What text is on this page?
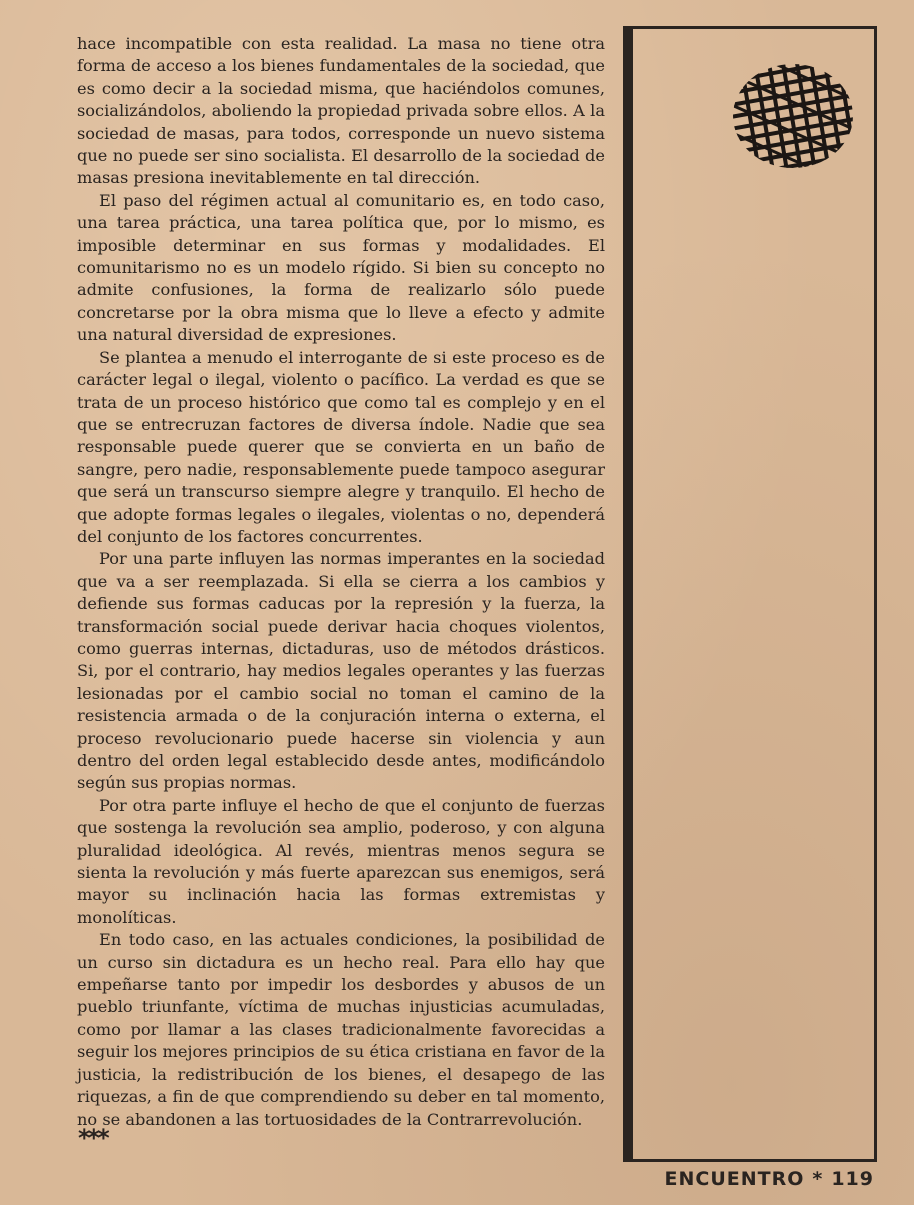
hace incompatible con esta realidad. La masa no tiene otra forma de acceso a los bienes fundamentales de la sociedad, que es como decir a la sociedad misma, que haciéndolos comunes, socializándolos, aboliendo la propiedad privada sobre ellos. A la sociedad de masas, para todos, corresponde un nuevo sistema que no puede ser sino socialista. El desarrollo de la sociedad de masas presiona inevitablemente en tal dirección.

El paso del régimen actual al comunitario es, en todo caso, una tarea práctica, una tarea política que, por lo mismo, es imposible determinar en sus formas y modalidades. El comunitarismo no es un modelo rígido. Si bien su concepto no admite confusiones, la forma de realizarlo sólo puede concretarse por la obra misma que lo lleve a efecto y admite una natural diversidad de expresiones.

Se plantea a menudo el interrogante de si este proceso es de carácter legal o ilegal, violento o pacífico. La verdad es que se trata de un proceso histórico que como tal es complejo y en el que se entrecruzan factores de diversa índole. Nadie que sea responsable puede querer que se convierta en un baño de sangre, pero nadie, responsablemente puede tampoco asegurar que será un transcurso siempre alegre y tranquilo. El hecho de que adopte formas legales o ilegales, violentas o no, dependerá del conjunto de los factores concurrentes.

Por una parte influyen las normas imperantes en la sociedad que va a ser reemplazada. Si ella se cierra a los cambios y defiende sus formas caducas por la represión y la fuerza, la transformación social puede derivar hacia choques violentos, como guerras internas, dictaduras, uso de métodos drásticos. Si, por el contrario, hay medios legales operantes y las fuerzas lesionadas por el cambio social no toman el camino de la resistencia armada o de la conjuración interna o externa, el proceso revolucionario puede hacerse sin violencia y aun dentro del orden legal establecido desde antes, modificándolo según sus propias normas.

Por otra parte influye el hecho de que el conjunto de fuerzas que sostenga la revolución sea amplio, poderoso, y con alguna pluralidad ideológica. Al revés, mientras menos segura se sienta la revolución y más fuerte aparezcan sus enemigos, será mayor su inclinación hacia las formas extremistas y monolíticas.

En todo caso, en las actuales condiciones, la posibilidad de un curso sin dictadura es un hecho real. Para ello hay que empeñarse tanto por impedir los desbordes y abusos de un pueblo triunfante, víctima de muchas injusticias acumuladas, como por llamar a las clases tradicionalmente favorecidas a seguir los mejores principios de su ética cristiana en favor de la justicia, la redistribución de los bienes, el desapego de las riquezas, a fin de que comprendiendo su deber en tal momento, no se abandonen a las tortuosidades de la Contrarrevolución.

***
ENCUENTRO * 119
